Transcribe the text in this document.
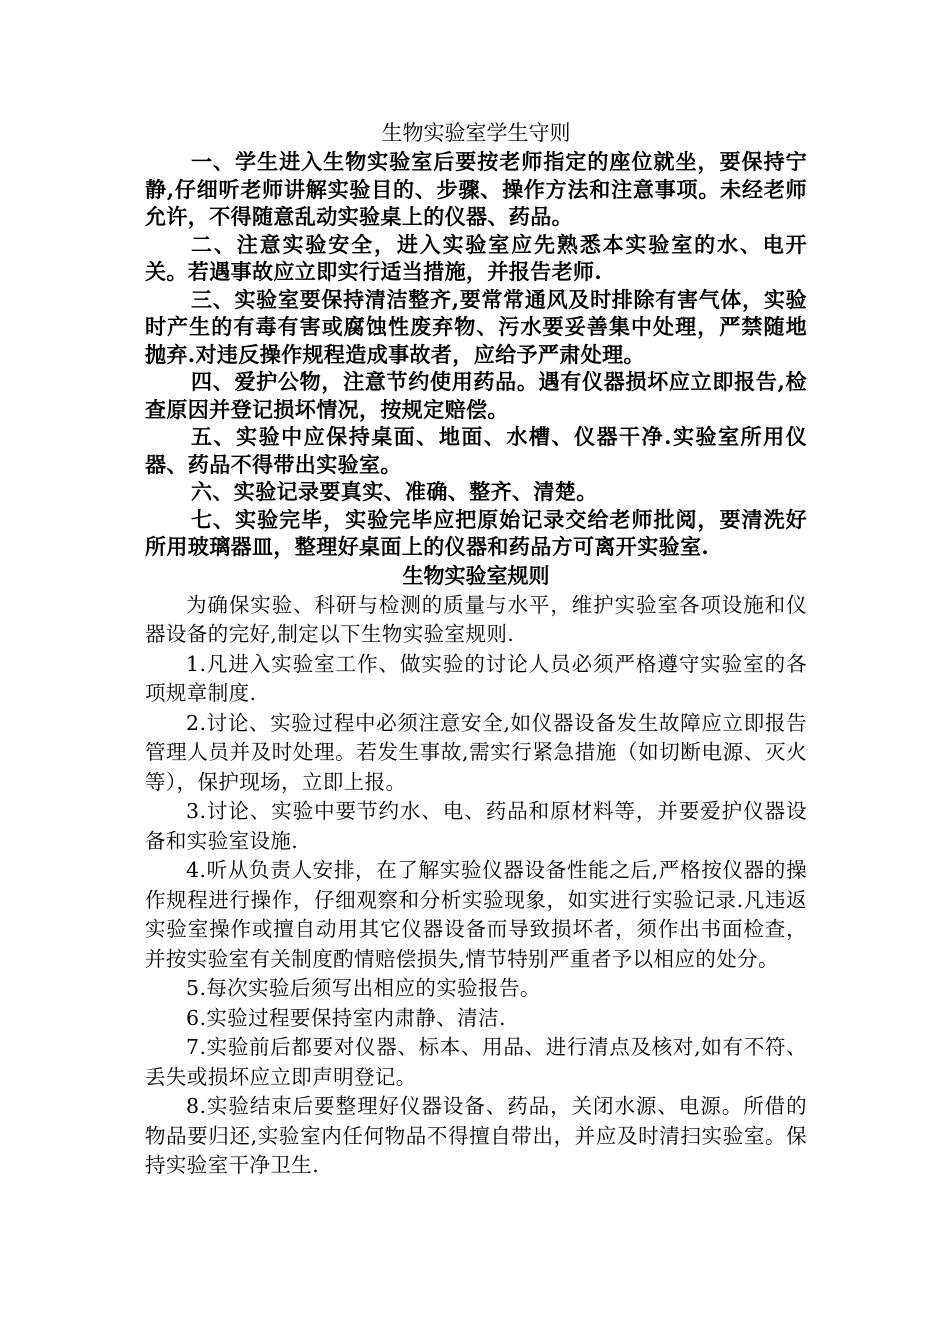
生物实验室学生守则

一、学生进入生物实验室后要按老师指定的座位就坐，要保持宁静,仔细听老师讲解实验目的、步骤、操作方法和注意事项。未经老师允许，不得随意乱动实验桌上的仪器、药品。

二、注意实验安全，进入实验室应先熟悉本实验室的水、电开关。若遇事故应立即实行适当措施，并报告老师.

三、实验室要保持清洁整齐,要常常通风及时排除有害气体，实验时产生的有毒有害或腐蚀性废弃物、污水要妥善集中处理，严禁随地抛弃.对违反操作规程造成事故者，应给予严肃处理。

四、爱护公物，注意节约使用药品。遇有仪器损坏应立即报告,检查原因并登记损坏情况，按规定赔偿。

五、实验中应保持桌面、地面、水槽、仪器干净.实验室所用仪器、药品不得带出实验室。

六、实验记录要真实、准确、整齐、清楚。

七、实验完毕，实验完毕应把原始记录交给老师批阅，要清洗好所用玻璃器皿，整理好桌面上的仪器和药品方可离开实验室.

生物实验室规则

为确保实验、科研与检测的质量与水平，维护实验室各项设施和仪器设备的完好,制定以下生物实验室规则.

1.凡进入实验室工作、做实验的讨论人员必须严格遵守实验室的各项规章制度.

2.讨论、实验过程中必须注意安全,如仪器设备发生故障应立即报告管理人员并及时处理。若发生事故,需实行紧急措施（如切断电源、灭火等），保护现场，立即上报。

3.讨论、实验中要节约水、电、药品和原材料等，并要爱护仪器设备和实验室设施.

4.听从负责人安排，在了解实验仪器设备性能之后,严格按仪器的操作规程进行操作，仔细观察和分析实验现象，如实进行实验记录.凡违返实验室操作或擅自动用其它仪器设备而导致损坏者，须作出书面检查，并按实验室有关制度酌情赔偿损失,情节特别严重者予以相应的处分。

5.每次实验后须写出相应的实验报告。

6.实验过程要保持室内肃静、清洁.

7.实验前后都要对仪器、标本、用品、进行清点及核对,如有不符、丢失或损坏应立即声明登记。

8.实验结束后要整理好仪器设备、药品，关闭水源、电源。所借的物品要归还,实验室内任何物品不得擅自带出，并应及时清扫实验室。保持实验室干净卫生.
